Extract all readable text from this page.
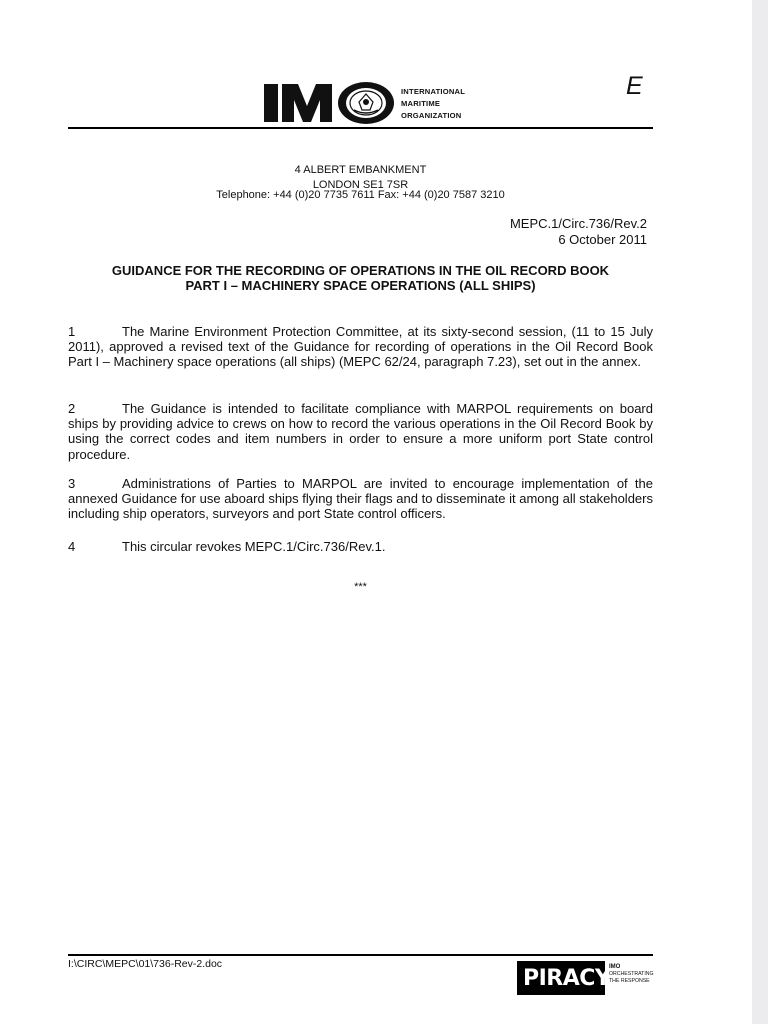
INTERNATIONAL
MARITIME
ORGANIZATION
E
4 ALBERT EMBANKMENT
LONDON SE1 7SR
Telephone: +44 (0)20 7735 7611 Fax: +44 (0)20 7587 3210
MEPC.1/Circ.736/Rev.2
6 October 2011
GUIDANCE FOR THE RECORDING OF OPERATIONS IN THE OIL RECORD BOOK
PART I – MACHINERY SPACE OPERATIONS (ALL SHIPS)
1	The Marine Environment Protection Committee, at its sixty-second session, (11 to 15 July 2011), approved a revised text of the Guidance for recording of operations in the Oil Record Book Part I – Machinery space operations (all ships) (MEPC 62/24, paragraph 7.23), set out in the annex.
2	The Guidance is intended to facilitate compliance with MARPOL requirements on board ships by providing advice to crews on how to record the various operations in the Oil Record Book by using the correct codes and item numbers in order to ensure a more uniform port State control procedure.
3	Administrations of Parties to MARPOL are invited to encourage implementation of the annexed Guidance for use aboard ships flying their flags and to disseminate it among all stakeholders including ship operators, surveyors and port State control officers.
4	This circular revokes MEPC.1/Circ.736/Rev.1.
***
I:\CIRC\MEPC\01\736-Rev-2.doc
PIRACY
IMO
ORCHESTRATING
THE RESPONSE
